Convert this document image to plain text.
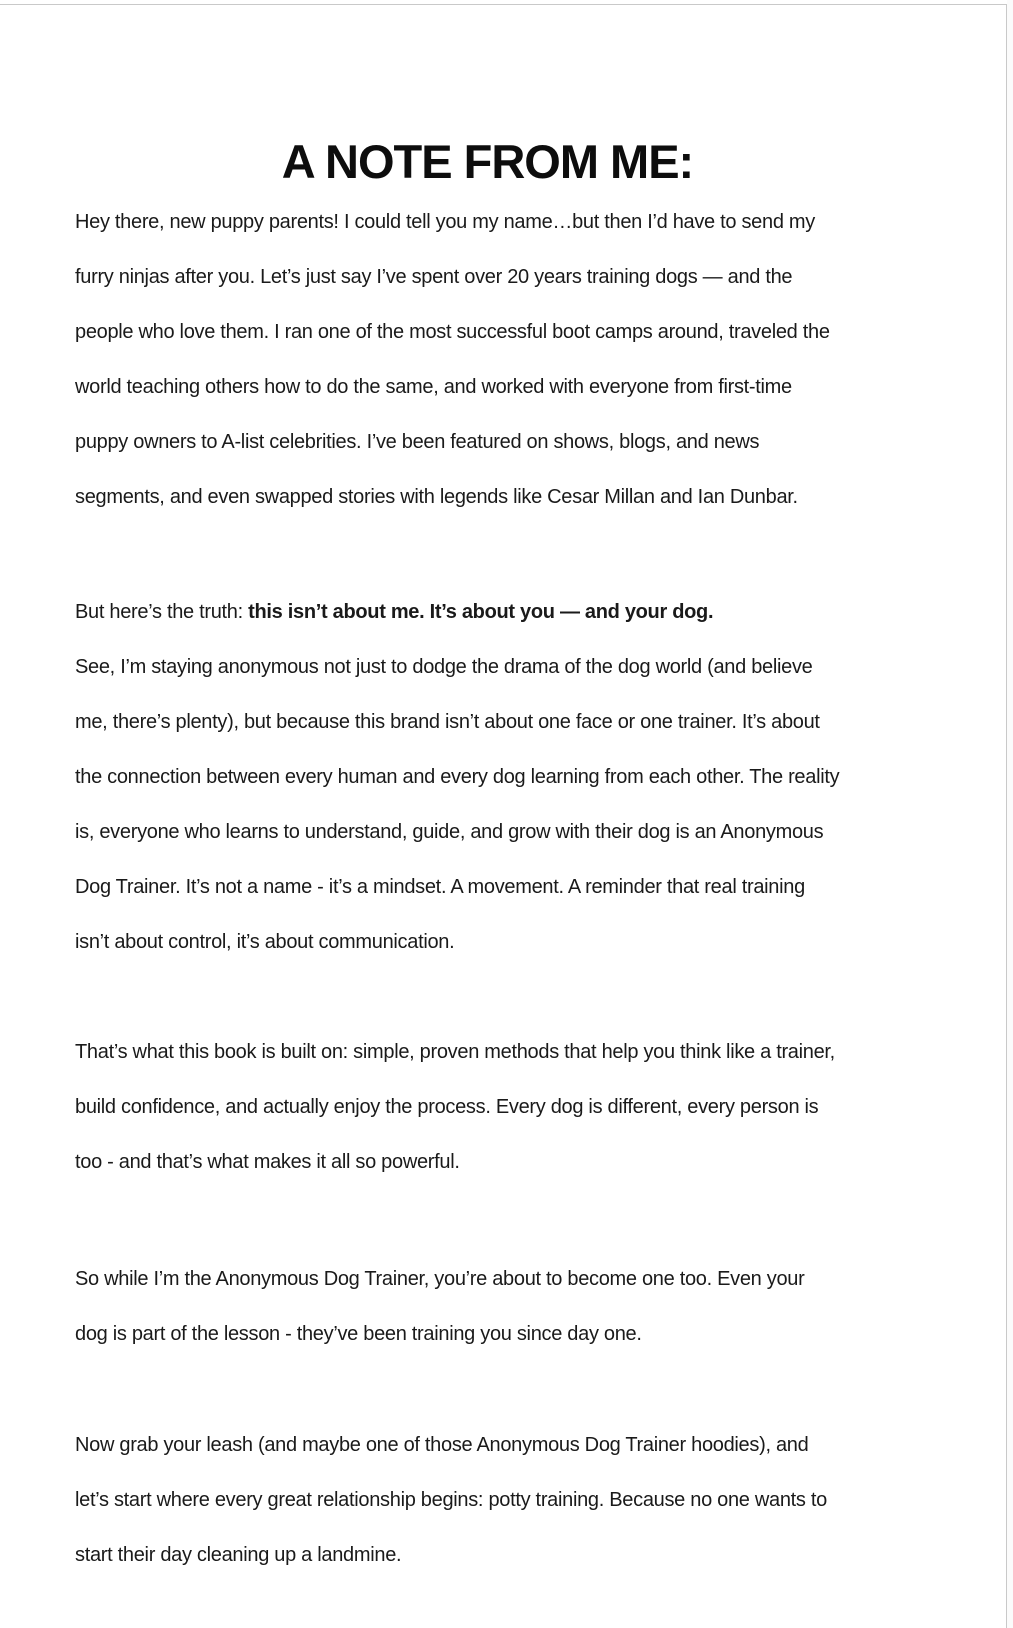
A NOTE FROM ME:
Hey there, new puppy parents! I could tell you my name…but then I’d have to send my
furry ninjas after you. Let’s just say I’ve spent over 20 years training dogs — and the
people who love them. I ran one of the most successful boot camps around, traveled the
world teaching others how to do the same, and worked with everyone from first-time
puppy owners to A-list celebrities. I’ve been featured on shows, blogs, and news
segments, and even swapped stories with legends like Cesar Millan and Ian Dunbar.
But here’s the truth: this isn’t about me. It’s about you — and your dog.
See, I’m staying anonymous not just to dodge the drama of the dog world (and believe
me, there’s plenty), but because this brand isn’t about one face or one trainer. It’s about
the connection between every human and every dog learning from each other. The reality
is, everyone who learns to understand, guide, and grow with their dog is an Anonymous
Dog Trainer. It’s not a name - it’s a mindset. A movement. A reminder that real training
isn’t about control, it’s about communication.
That’s what this book is built on: simple, proven methods that help you think like a trainer,
build confidence, and actually enjoy the process. Every dog is different, every person is
too - and that’s what makes it all so powerful.
So while I’m the Anonymous Dog Trainer, you’re about to become one too. Even your
dog is part of the lesson - they’ve been training you since day one.
Now grab your leash (and maybe one of those Anonymous Dog Trainer hoodies), and
let’s start where every great relationship begins: potty training. Because no one wants to
start their day cleaning up a landmine.
